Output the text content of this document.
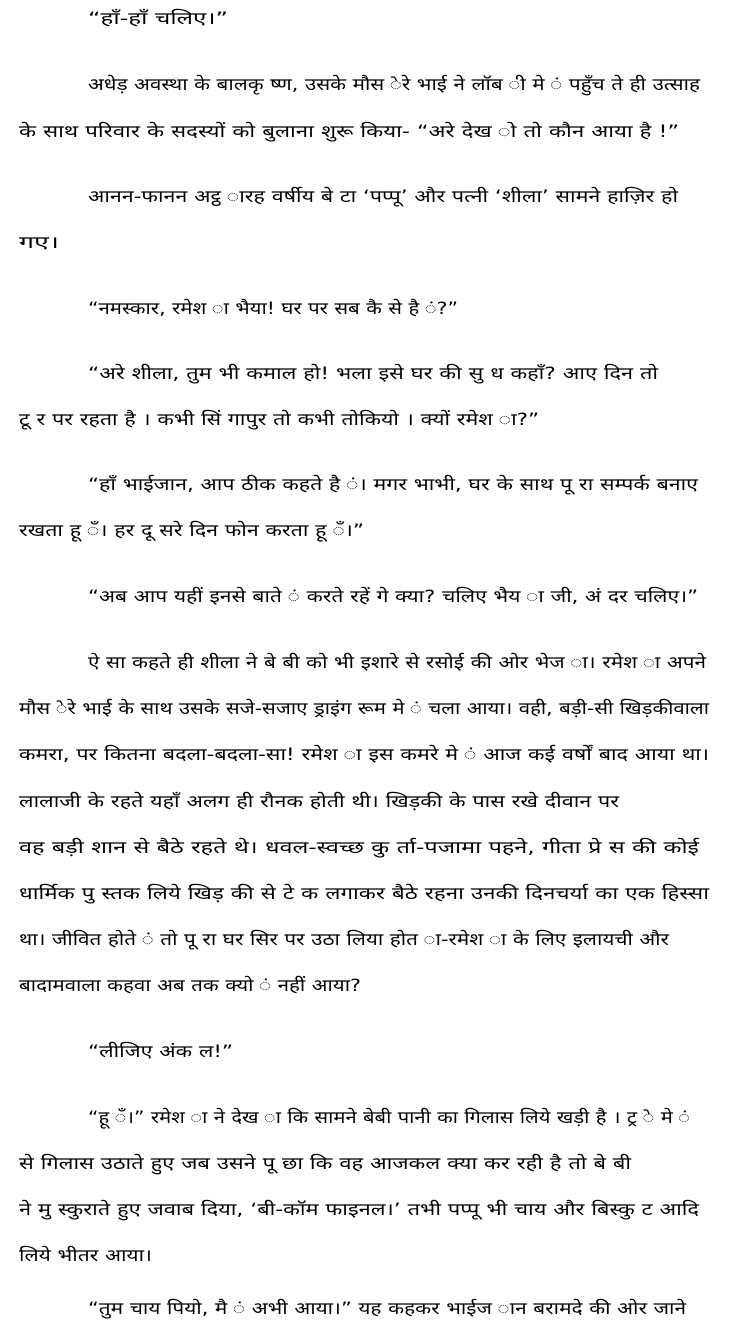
“हाँ-हाँ चलिए।”
अधेड़ अवस्था के बालकृ ष्ण, उसके मौस ेरे भाई ने लॉब ी मे ं पहुँच ते ही उत्साह
के साथ परिवार के सदस्यों को बुलाना शुरू किया- “अरे देख ो तो कौन आया है !”
आनन-फानन अट्ठ ारह वर्षीय बे टा ‘पप्पू’ और पत्नी ‘शीला’ सामने हाज़िर हो
गए।
“नमस्कार, रमेश ा भैया! घर पर सब कै से है ं?”
“अरे शीला, तुम भी कमाल हो! भला इसे घर की सु ध कहाँ? आए दिन तो
टू र पर रहता है । कभी सिं गापुर तो कभी तोकियो । क्यों रमेश ा?”
“हाँ भाईजान, आप ठीक कहते है ं। मगर भाभी, घर के साथ पू रा सम्पर्क बनाए
रखता हू ँ। हर दू सरे दिन फोन करता हू ँ।”
“अब आप यहीं इनसे बाते ं करते रहें गे क्या? चलिए भैय ा जी, अं दर चलिए।”
ऐ सा कहते ही शीला ने बे बी को भी इशारे से रसोई की ओर भेज ा। रमेश ा अपने
मौस ेरे भाई के साथ उसके सजे-सजाए ड्राइंग रूम मे ं चला आया। वही, बड़ी-सी खिड़कीवाला
कमरा, पर कितना बदला-बदला-सा! रमेश ा इस कमरे मे ं आज कई वर्षों बाद आया था।
लालाजी के रहते यहाँ अलग ही रौनक होती थी। खिड़की के पास रखे दीवान पर
वह बड़ी शान से बैठे रहते थे। धवल-स्वच्छ कु र्ता-पजामा पहने, गीता प्रे स की कोई
धार्मिक पु स्तक लिये खिड़ की से टे क लगाकर बैठे रहना उनकी दिनचर्या का एक हिस्सा
था। जीवित होते ं तो पू रा घर सिर पर उठा लिया होत ा-रमेश ा के लिए इलायची और
बादामवाला कहवा अब तक क्यो ं नहीं आया?
“लीजिए अंक ल!”
“हू ँ।” रमेश ा ने देख ा कि सामने बेबी पानी का गिलास लिये खड़ी है । ट्र े मे ं
से गिलास उठाते हुए जब उसने पू छा कि वह आजकल क्या कर रही है तो बे बी
ने मु स्कुराते हुए जवाब दिया, ‘बी-कॉम फाइनल।’ तभी पप्पू भी चाय और बिस्कु ट आदि
लिये भीतर आया।
“तुम चाय पियो, मै ं अभी आया।” यह कहकर भाईज ान बरामदे की ओर जाने
